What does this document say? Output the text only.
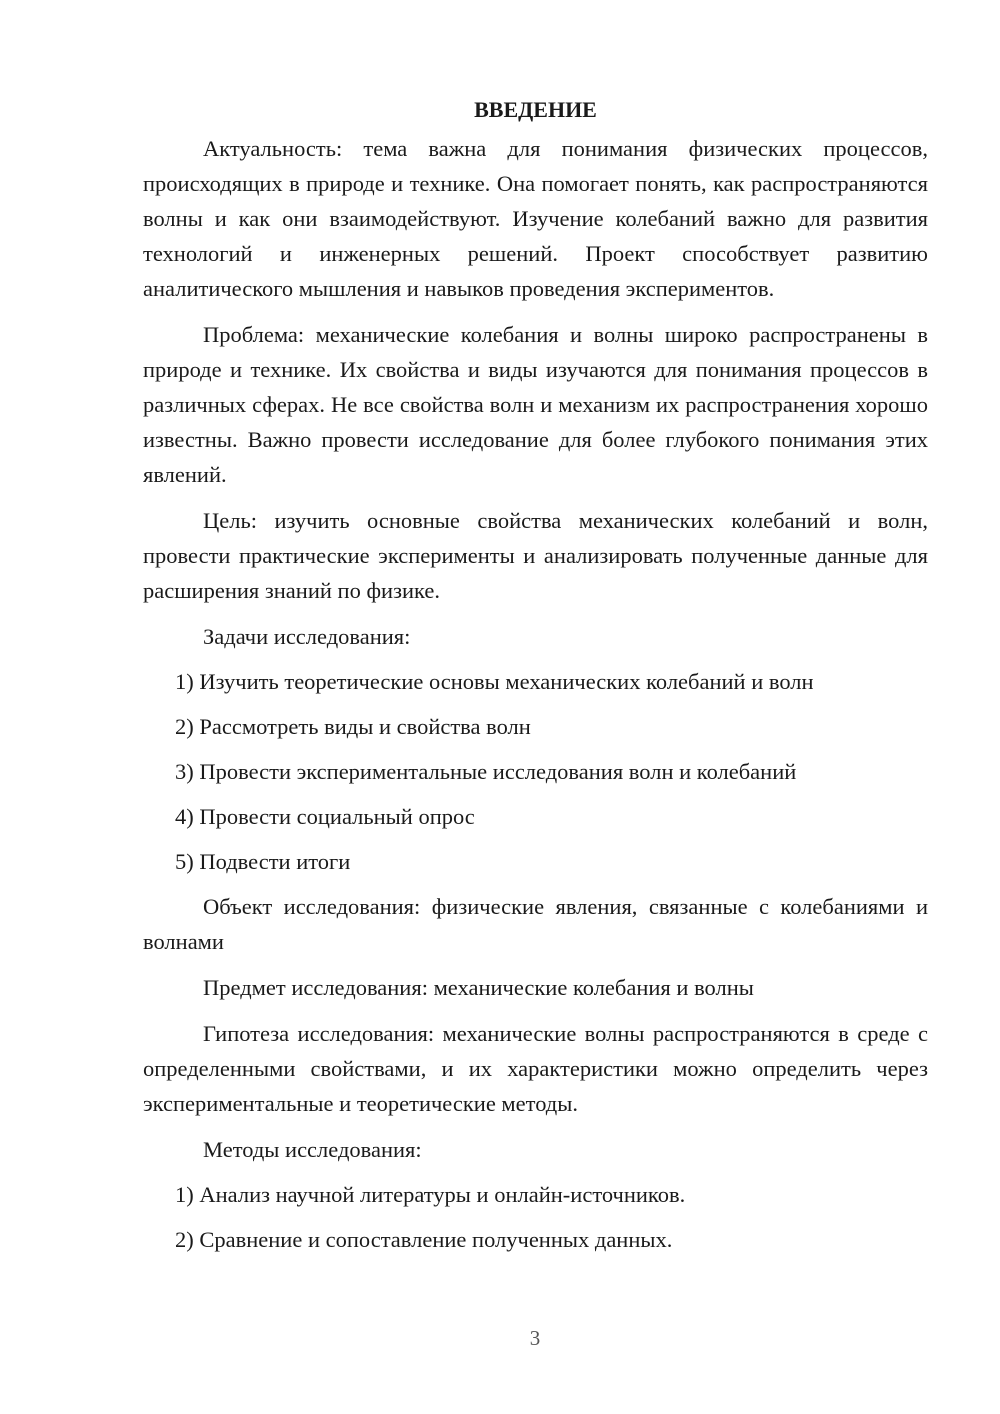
ВВЕДЕНИЕ

Актуальность: тема важна для понимания физических процессов, происходящих в природе и технике. Она помогает понять, как распространяются волны и как они взаимодействуют. Изучение колебаний важно для развития технологий и инженерных решений. Проект способствует развитию аналитического мышления и навыков проведения экспериментов.

Проблема: механические колебания и волны широко распространены в природе и технике. Их свойства и виды изучаются для понимания процессов в различных сферах. Не все свойства волн и механизм их распространения хорошо известны. Важно провести исследование для более глубокого понимания этих явлений.

Цель: изучить основные свойства механических колебаний и волн, провести практические эксперименты и анализировать полученные данные для расширения знаний по физике.

Задачи исследования:

1) Изучить теоретические основы механических колебаний и волн
2) Рассмотреть виды и свойства волн
3) Провести экспериментальные исследования волн и колебаний
4) Провести социальный опрос
5) Подвести итоги

Объект исследования: физические явления, связанные с колебаниями и волнами

Предмет исследования: механические колебания и волны

Гипотеза исследования: механические волны распространяются в среде с определенными свойствами, и их характеристики можно определить через экспериментальные и теоретические методы.

Методы исследования:

1) Анализ научной литературы и онлайн-источников.
2) Сравнение и сопоставление полученных данных.
3
